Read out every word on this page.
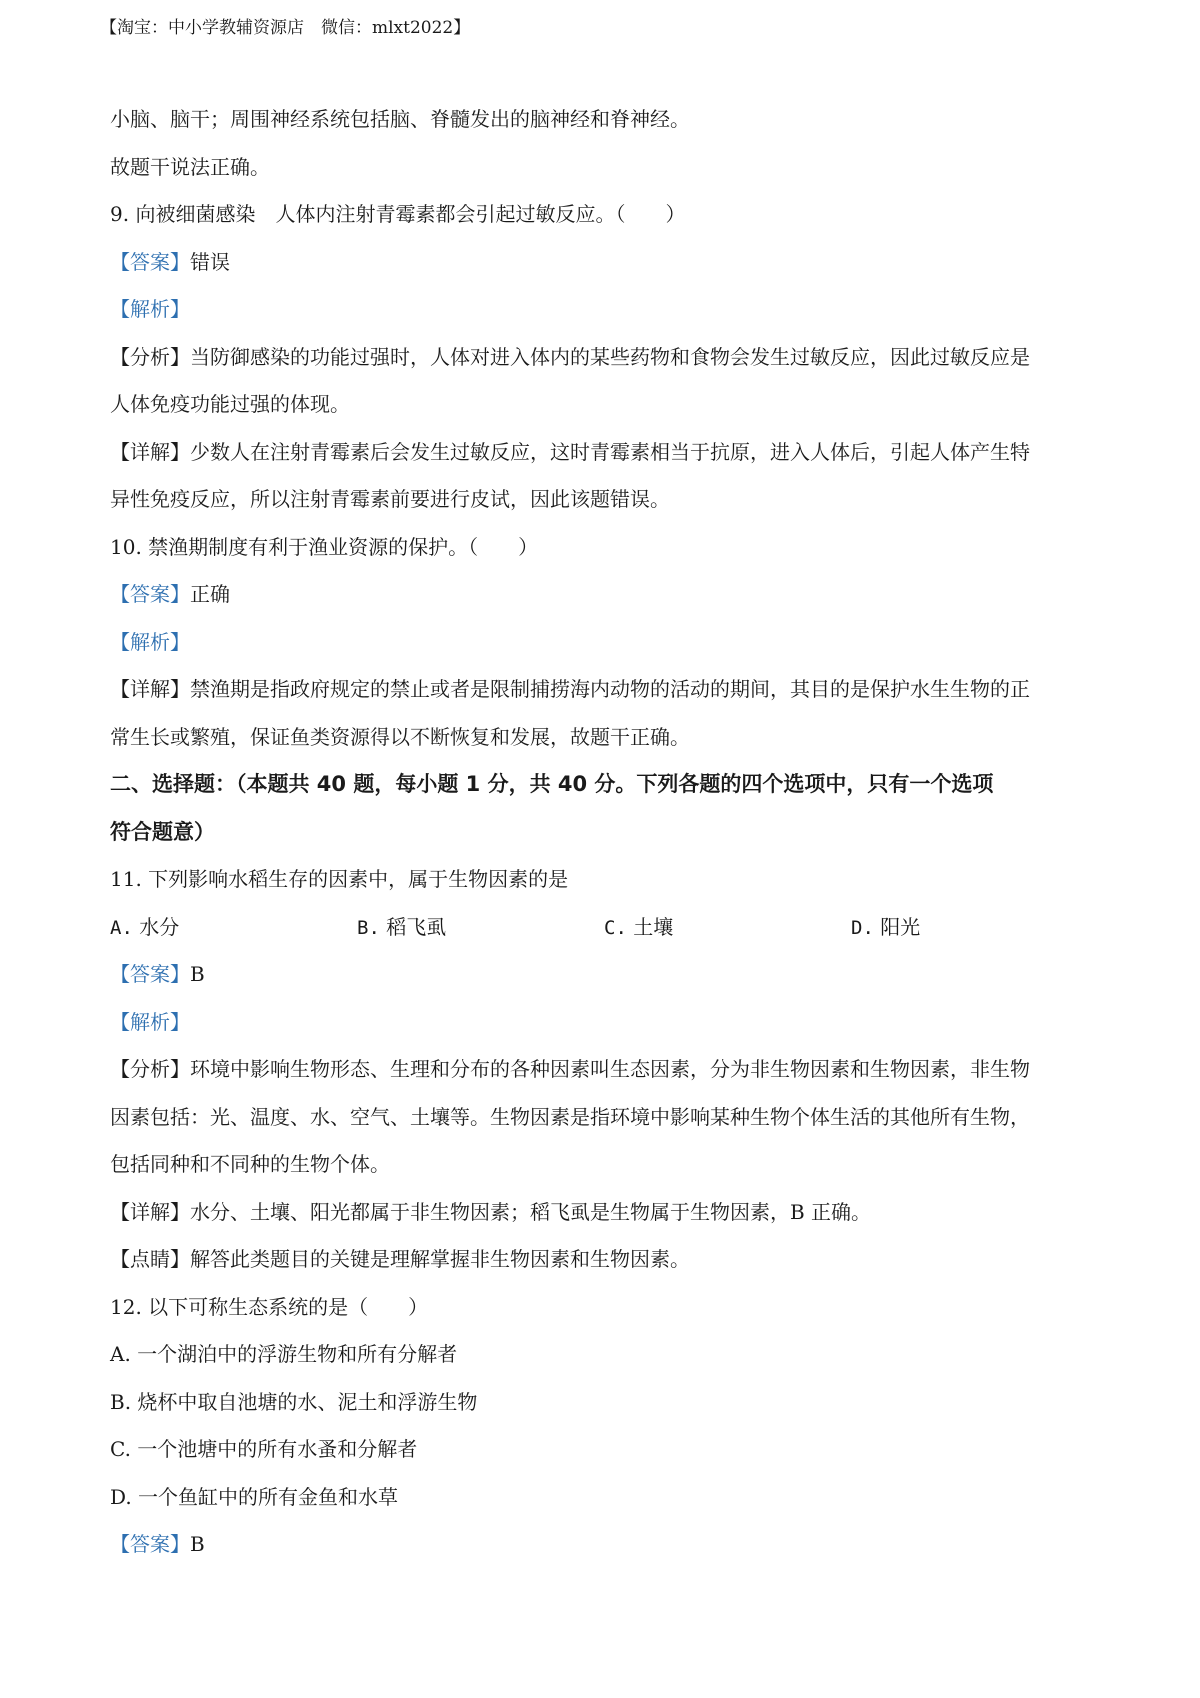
【淘宝：中小学教辅资源店　微信：mlxt2022】
小脑、脑干；周围神经系统包括脑、脊髓发出的脑神经和脊神经。
故题干说法正确。
9. 向被细菌感染　人体内注射青霉素都会引起过敏反应。（　　）
【答案】错误
【解析】
【分析】当防御感染的功能过强时，人体对进入体内的某些药物和食物会发生过敏反应，因此过敏反应是
人体免疫功能过强的体现。
【详解】少数人在注射青霉素后会发生过敏反应，这时青霉素相当于抗原，进入人体后，引起人体产生特
异性免疫反应，所以注射青霉素前要进行皮试，因此该题错误。
10. 禁渔期制度有利于渔业资源的保护。（　　）
【答案】正确
【解析】
【详解】禁渔期是指政府规定的禁止或者是限制捕捞海内动物的活动的期间，其目的是保护水生生物的正
常生长或繁殖，保证鱼类资源得以不断恢复和发展，故题干正确。
二、选择题：（本题共 40 题，每小题 1 分，共 40 分。下列各题的四个选项中，只有一个选项
符合题意）
11. 下列影响水稻生存的因素中，属于生物因素的是
A. 水分	B. 稻飞虱	C. 土壤	D. 阳光
【答案】B
【解析】
【分析】环境中影响生物形态、生理和分布的各种因素叫生态因素，分为非生物因素和生物因素，非生物
因素包括：光、温度、水、空气、土壤等。生物因素是指环境中影响某种生物个体生活的其他所有生物，
包括同种和不同种的生物个体。
【详解】水分、土壤、阳光都属于非生物因素；稻飞虱是生物属于生物因素，B 正确。
【点睛】解答此类题目的关键是理解掌握非生物因素和生物因素。
12. 以下可称生态系统的是（　　）
A. 一个湖泊中的浮游生物和所有分解者
B. 烧杯中取自池塘的水、泥土和浮游生物
C. 一个池塘中的所有水蚤和分解者
D. 一个鱼缸中的所有金鱼和水草
【答案】B
